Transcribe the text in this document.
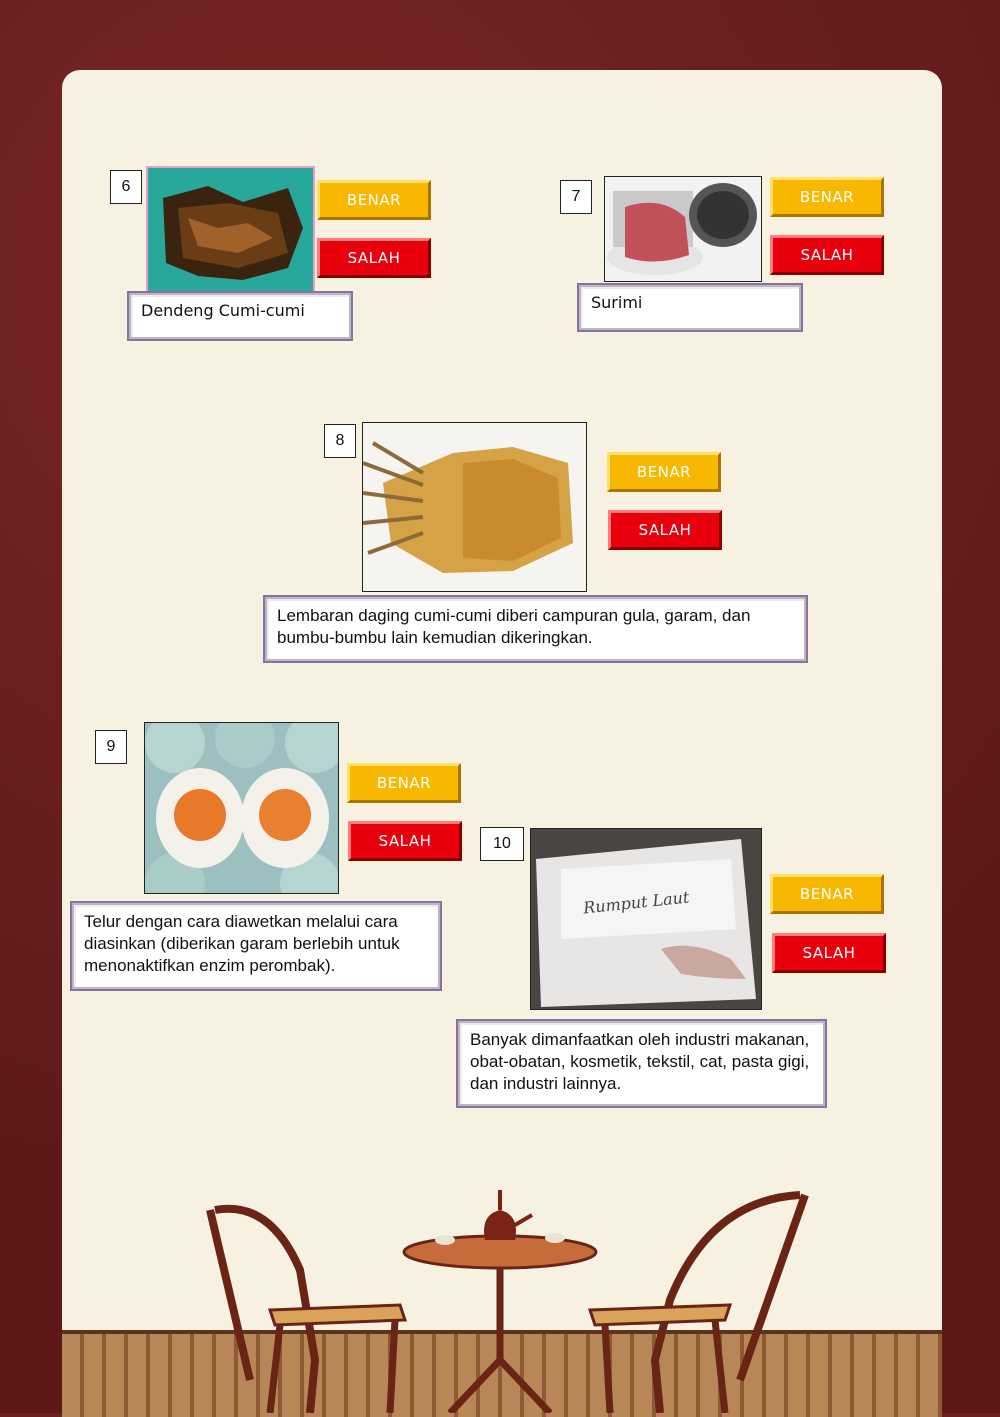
6
BENAR
SALAH
Dendeng Cumi-cumi
7	BENAR
SALAH
Surimi
8
BENAR
SALAH
Lembaran daging cumi-cumi diberi campuran gula, garam, dan bumbu-bumbu lain kemudian dikeringkan.
9
BENAR
SALAH
Telur dengan cara diawetkan melalui cara diasinkan (diberikan garam berlebih untuk menonaktifkan enzim perombak).
10
Rumput Laut	BENAR
SALAH
Banyak dimanfaatkan oleh industri makanan, obat-obatan, kosmetik, tekstil, cat, pasta gigi, dan industri lainnya.
